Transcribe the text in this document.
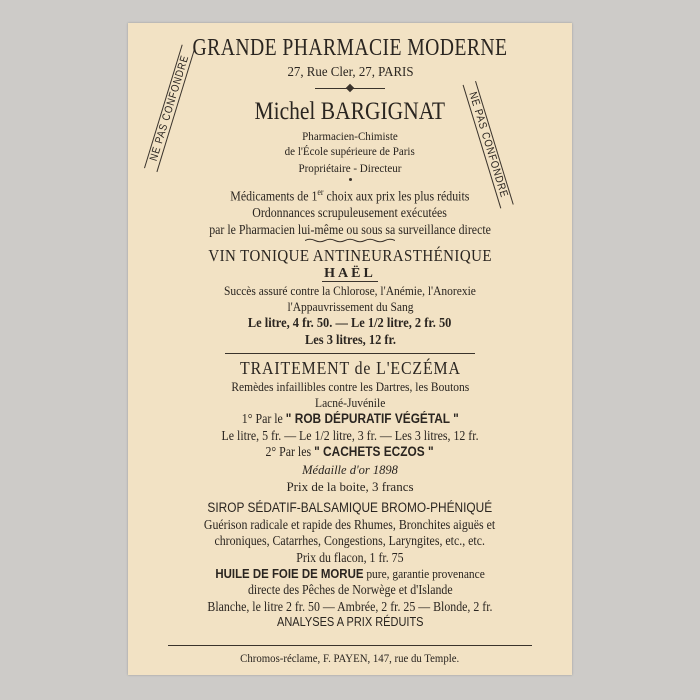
NE PAS CONFONDRE	NE PAS CONFONDRE
GRANDE PHARMACIE MODERNE
27, Rue Cler, 27, PARIS
Michel BARGIGNAT
Pharmacien-Chimiste
de l'École supérieure de Paris
Propriétaire - Directeur
Médicaments de 1er choix aux prix les plus réduits
Ordonnances scrupuleusement exécutées
par le Pharmacien lui-même ou sous sa surveillance directe
VIN TONIQUE ANTINEURASTHÉNIQUE
HAËL
Succès assuré contre la Chlorose, l'Anémie, l'Anorexie
l'Appauvrissement du Sang
Le litre, 4 fr. 50. — Le 1/2 litre, 2 fr. 50
Les 3 litres, 12 fr.
TRAITEMENT de L'ECZÉMA
Remèdes infaillibles contre les Dartres, les Boutons
Lacné-Juvénile
1° Par le " ROB DÉPURATIF VÉGÉTAL "
Le litre, 5 fr. — Le 1/2 litre, 3 fr. — Les 3 litres, 12 fr.
2° Par les " CACHETS ECZOS "
Médaille d'or 1898
Prix de la boite, 3 francs
SIROP SÉDATIF-BALSAMIQUE BROMO-PHÉNIQUÉ
Guérison radicale et rapide des Rhumes, Bronchites aiguës et
chroniques, Catarrhes, Congestions, Laryngites, etc., etc.
Prix du flacon, 1 fr. 75
HUILE DE FOIE DE MORUE pure, garantie provenance
directe des Pêches de Norwège et d'Islande
Blanche, le litre 2 fr. 50 — Ambrée, 2 fr. 25 — Blonde, 2 fr.
ANALYSES A PRIX RÉDUITS
Chromos-réclame, F. PAYEN, 147, rue du Temple.
